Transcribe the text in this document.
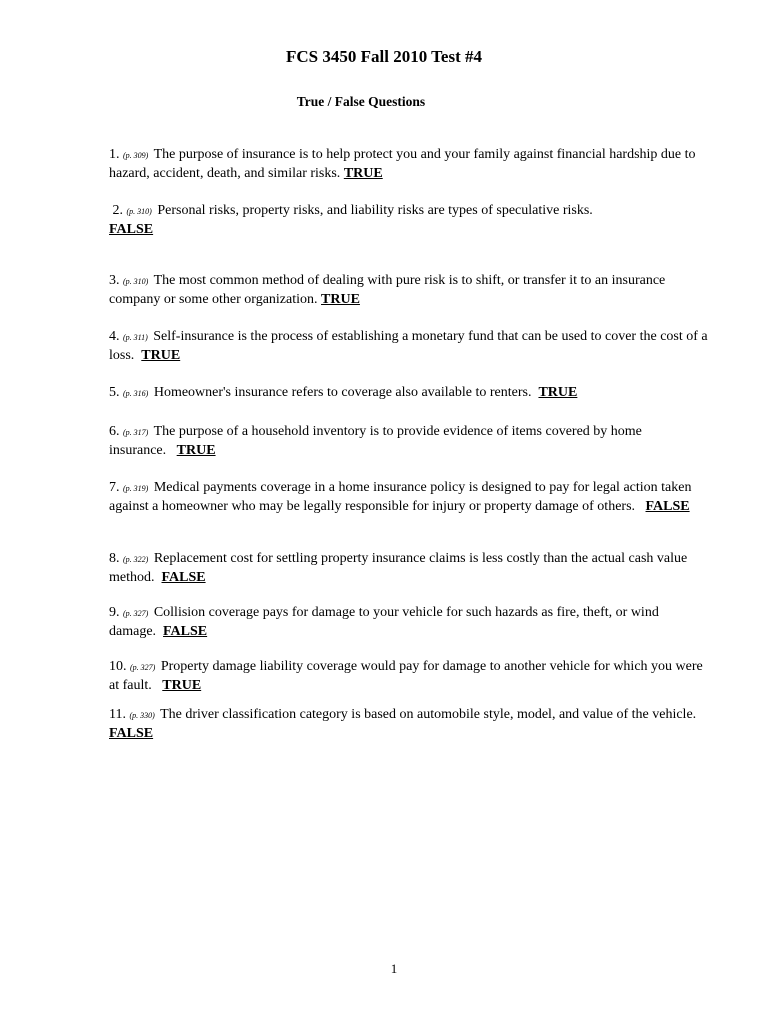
FCS 3450 Fall 2010 Test #4
True / False Questions

1. (p. 309) The purpose of insurance is to help protect you and your family against financial hardship due to hazard, accident, death, and similar risks. TRUE

2. (p. 310) Personal risks, property risks, and liability risks are types of speculative risks.
FALSE

3. (p. 310) The most common method of dealing with pure risk is to shift, or transfer it to an insurance company or some other organization. TRUE

4. (p. 311) Self-insurance is the process of establishing a monetary fund that can be used to cover the cost of a loss. TRUE

5. (p. 316) Homeowner's insurance refers to coverage also available to renters. TRUE

6. (p. 317) The purpose of a household inventory is to provide evidence of items covered by home insurance. TRUE

7. (p. 319) Medical payments coverage in a home insurance policy is designed to pay for legal action taken against a homeowner who may be legally responsible for injury or property damage of others. FALSE

8. (p. 322) Replacement cost for settling property insurance claims is less costly than the actual cash value method. FALSE

9. (p. 327) Collision coverage pays for damage to your vehicle for such hazards as fire, theft, or wind damage. FALSE

10. (p. 327) Property damage liability coverage would pay for damage to another vehicle for which you were at fault. TRUE

11. (p. 330) The driver classification category is based on automobile style, model, and value of the vehicle.   FALSE

1
